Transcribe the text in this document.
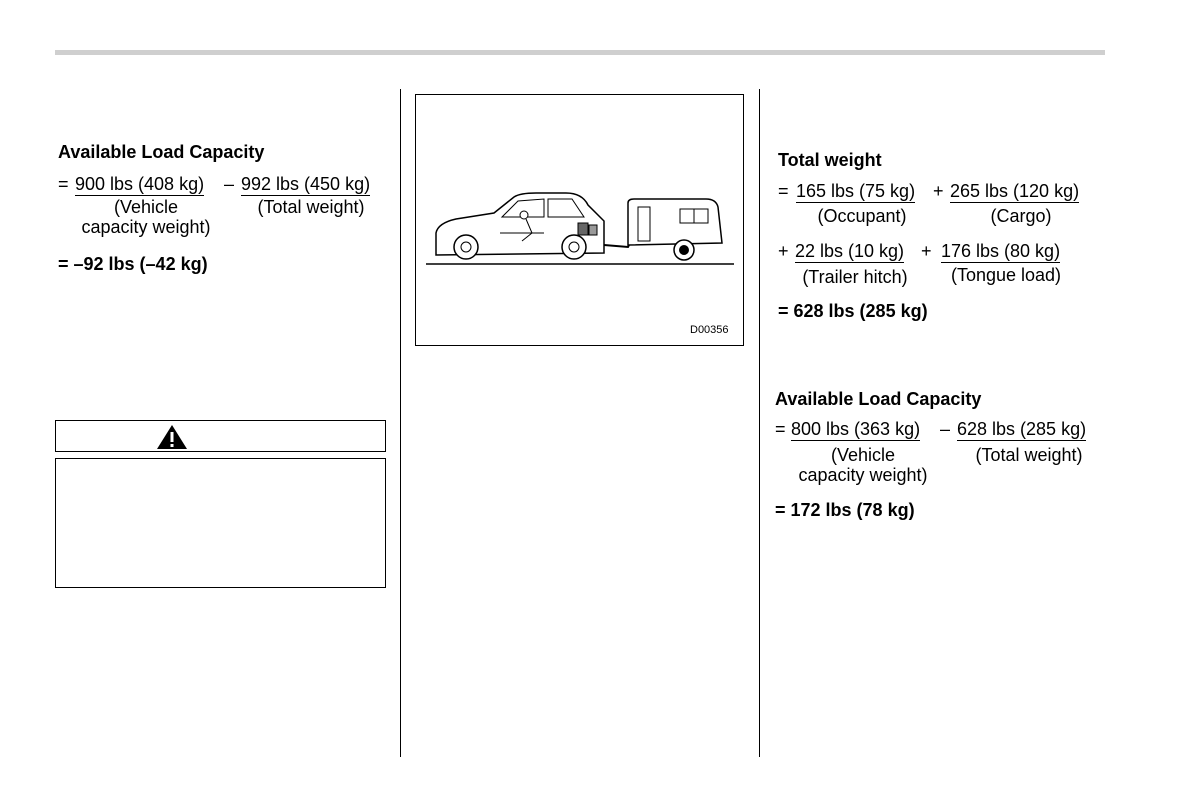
Available Load Capacity
= 900 lbs (408 kg) – 992 lbs (450 kg)
(Vehicle
capacity weight)
(Total weight)
= –92 lbs (–42 kg)
D00356
Total weight
= 165 lbs (75 kg) + 265 lbs (120 kg)
(Occupant)	(Cargo)
+ 22 lbs (10 kg) + 176 lbs (80 kg)
(Trailer hitch)	(Tongue load)
= 628 lbs (285 kg)
Available Load Capacity
= 800 lbs (363 kg) – 628 lbs (285 kg)
(Vehicle
capacity weight)
(Total weight)
= 172 lbs (78 kg)
